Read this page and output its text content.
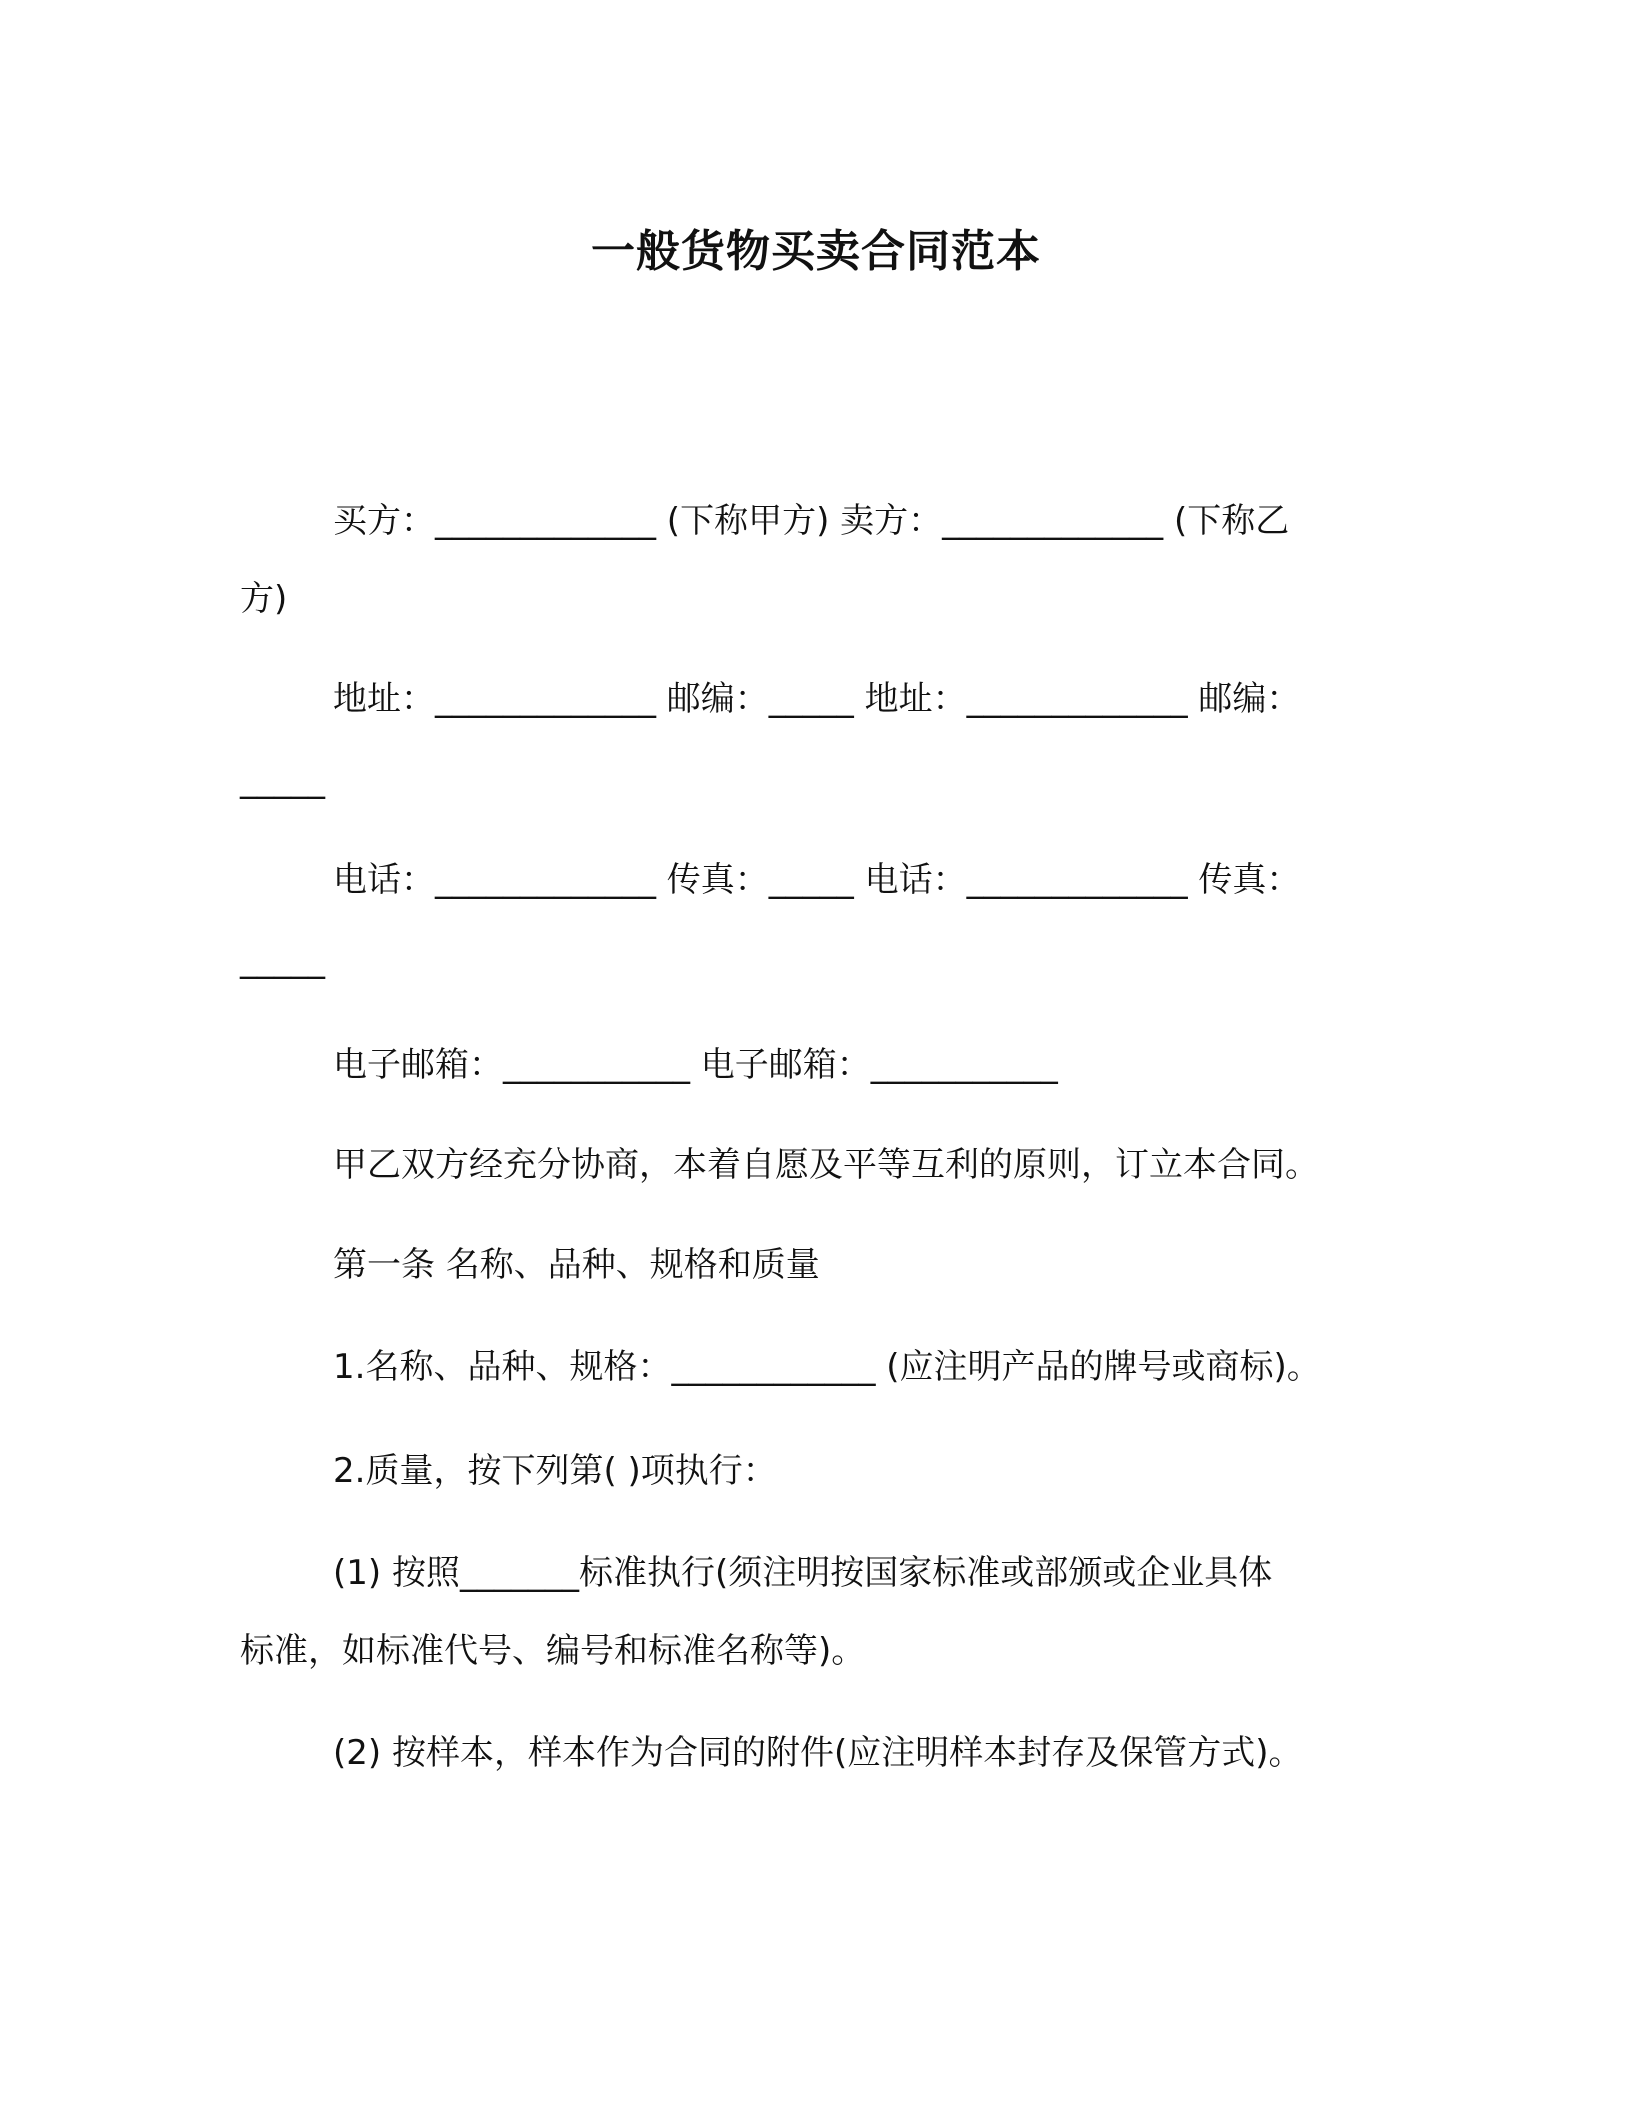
一般货物买卖合同范本
买方：_____________ (下称甲方) 卖方：_____________ (下称乙
方)
地址：_____________ 邮编：_____ 地址：_____________ 邮编：
_____
电话：_____________ 传真：_____ 电话：_____________ 传真：
_____
电子邮箱：___________ 电子邮箱：___________
甲乙双方经充分协商，本着自愿及平等互利的原则，订立本合同。
第一条 名称、品种、规格和质量
1.名称、品种、规格：____________ (应注明产品的牌号或商标)。
2.质量，按下列第( )项执行：
(1) 按照_______标准执行(须注明按国家标准或部颁或企业具体
标准，如标准代号、编号和标准名称等)。
(2) 按样本，样本作为合同的附件(应注明样本封存及保管方式)。
